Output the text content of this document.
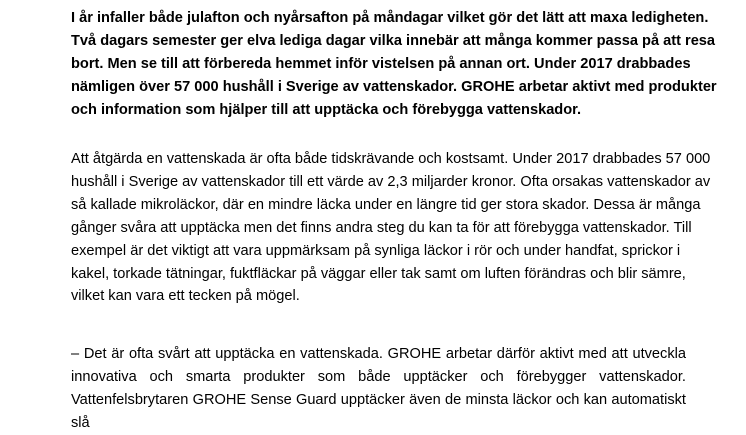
I år infaller både julafton och nyårsafton på måndagar vilket gör det lätt att maxa ledigheten.
Två dagars semester ger elva lediga dagar vilka innebär att många kommer passa på att resa
bort. Men se till att förbereda hemmet inför vistelsen på annan ort. Under 2017 drabbades
nämligen över 57 000 hushåll i Sverige av vattenskador. GROHE arbetar aktivt med produkter
och information som hjälper till att upptäcka och förebygga vattenskador.

Att åtgärda en vattenskada är ofta både tidskrävande och kostsamt. Under 2017 drabbades 57 000
hushåll i Sverige av vattenskador till ett värde av 2,3 miljarder kronor. Ofta orsakas vattenskador av
så kallade mikroläckor, där en mindre läcka under en längre tid ger stora skador. Dessa är många
gånger svåra att upptäcka men det finns andra steg du kan ta för att förebygga vattenskador. Till
exempel är det viktigt att vara uppmärksam på synliga läckor i rör och under handfat, sprickor i
kakel, torkade tätningar, fuktfläckar på väggar eller tak samt om luften förändras och blir sämre,
vilket kan vara ett tecken på mögel.

– Det är ofta svårt att upptäcka en vattenskada. GROHE arbetar därför aktivt med att utveckla
innovativa och smarta produkter som både upptäcker och förebygger vattenskador.
Vattenfelsbrytaren GROHE Sense Guard upptäcker även de minsta läckor och kan automatiskt slå
